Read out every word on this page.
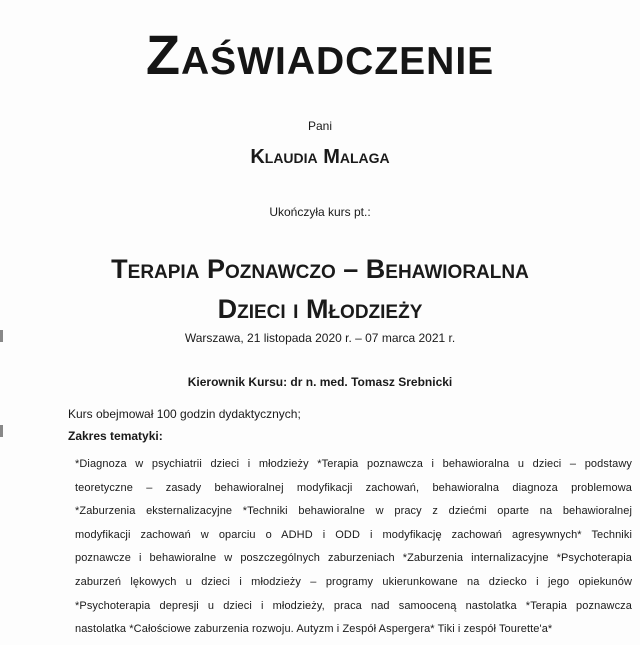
Zaświadczenie
Pani
Klaudia Malaga
Ukończyła kurs pt.:
Terapia Poznawczo – Behawioralna
Dzieci i Młodzieży
Warszawa, 21 listopada 2020 r. – 07 marca 2021 r.
Kierownik Kursu: dr n. med. Tomasz Srebnicki
Kurs obejmował 100 godzin dydaktycznych;
Zakres tematyki:
*Diagnoza w psychiatrii dzieci i młodzieży *Terapia poznawcza i behawioralna u dzieci – podstawy
teoretyczne – zasady behawioralnej modyfikacji zachowań, behawioralna diagnoza problemowa
*Zaburzenia eksternalizacyjne *Techniki behawioralne w pracy z dziećmi oparte na behawioralnej
modyfikacji zachowań w oparciu o ADHD i ODD i modyfikację zachowań agresywnych* Techniki
poznawcze i behawioralne w poszczególnych zaburzeniach *Zaburzenia internalizacyjne *Psychoterapia
zaburzeń lękowych u dzieci i młodzieży – programy ukierunkowane na dziecko i jego opiekunów
*Psychoterapia depresji u dzieci i młodzieży, praca nad samooceną nastolatka *Terapia poznawcza
nastolatka *Całościowe zaburzenia rozwoju. Autyzm i Zespół Aspergera* Tiki i zespół Tourette'a*
